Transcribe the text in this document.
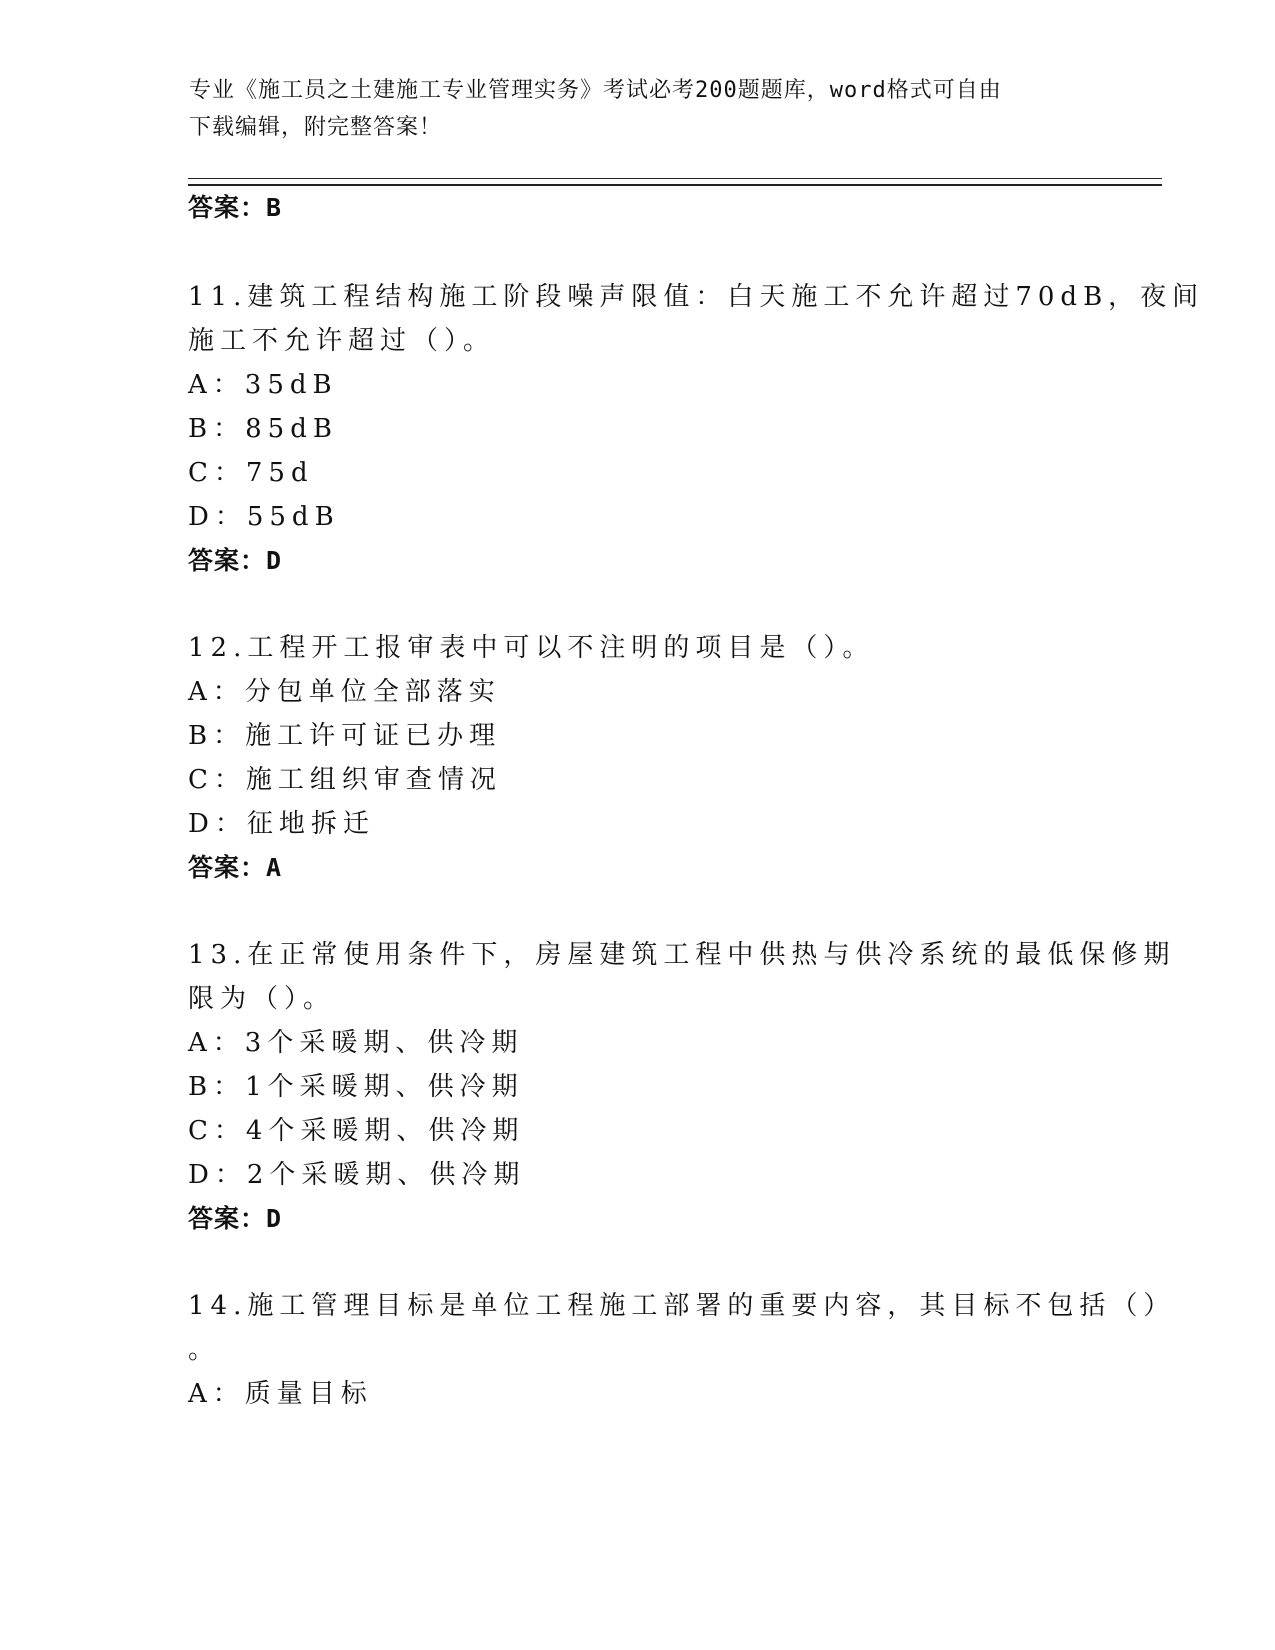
专业《施工员之土建施工专业管理实务》考试必考200题题库，word格式可自由
下载编辑，附完整答案！
答案：B
11.建筑工程结构施工阶段噪声限值：白天施工不允许超过70dB，夜间
施工不允许超过（）。
A：35dB
B：85dB
C：75d
D：55dB
答案：D
12.工程开工报审表中可以不注明的项目是（）。
A：分包单位全部落实
B：施工许可证已办理
C：施工组织审查情况
D：征地拆迁
答案：A
13.在正常使用条件下，房屋建筑工程中供热与供冷系统的最低保修期
限为（）。
A：3个采暖期、供冷期
B：1个采暖期、供冷期
C：4个采暖期、供冷期
D：2个采暖期、供冷期
答案：D
14.施工管理目标是单位工程施工部署的重要内容，其目标不包括（）
。
A：质量目标
